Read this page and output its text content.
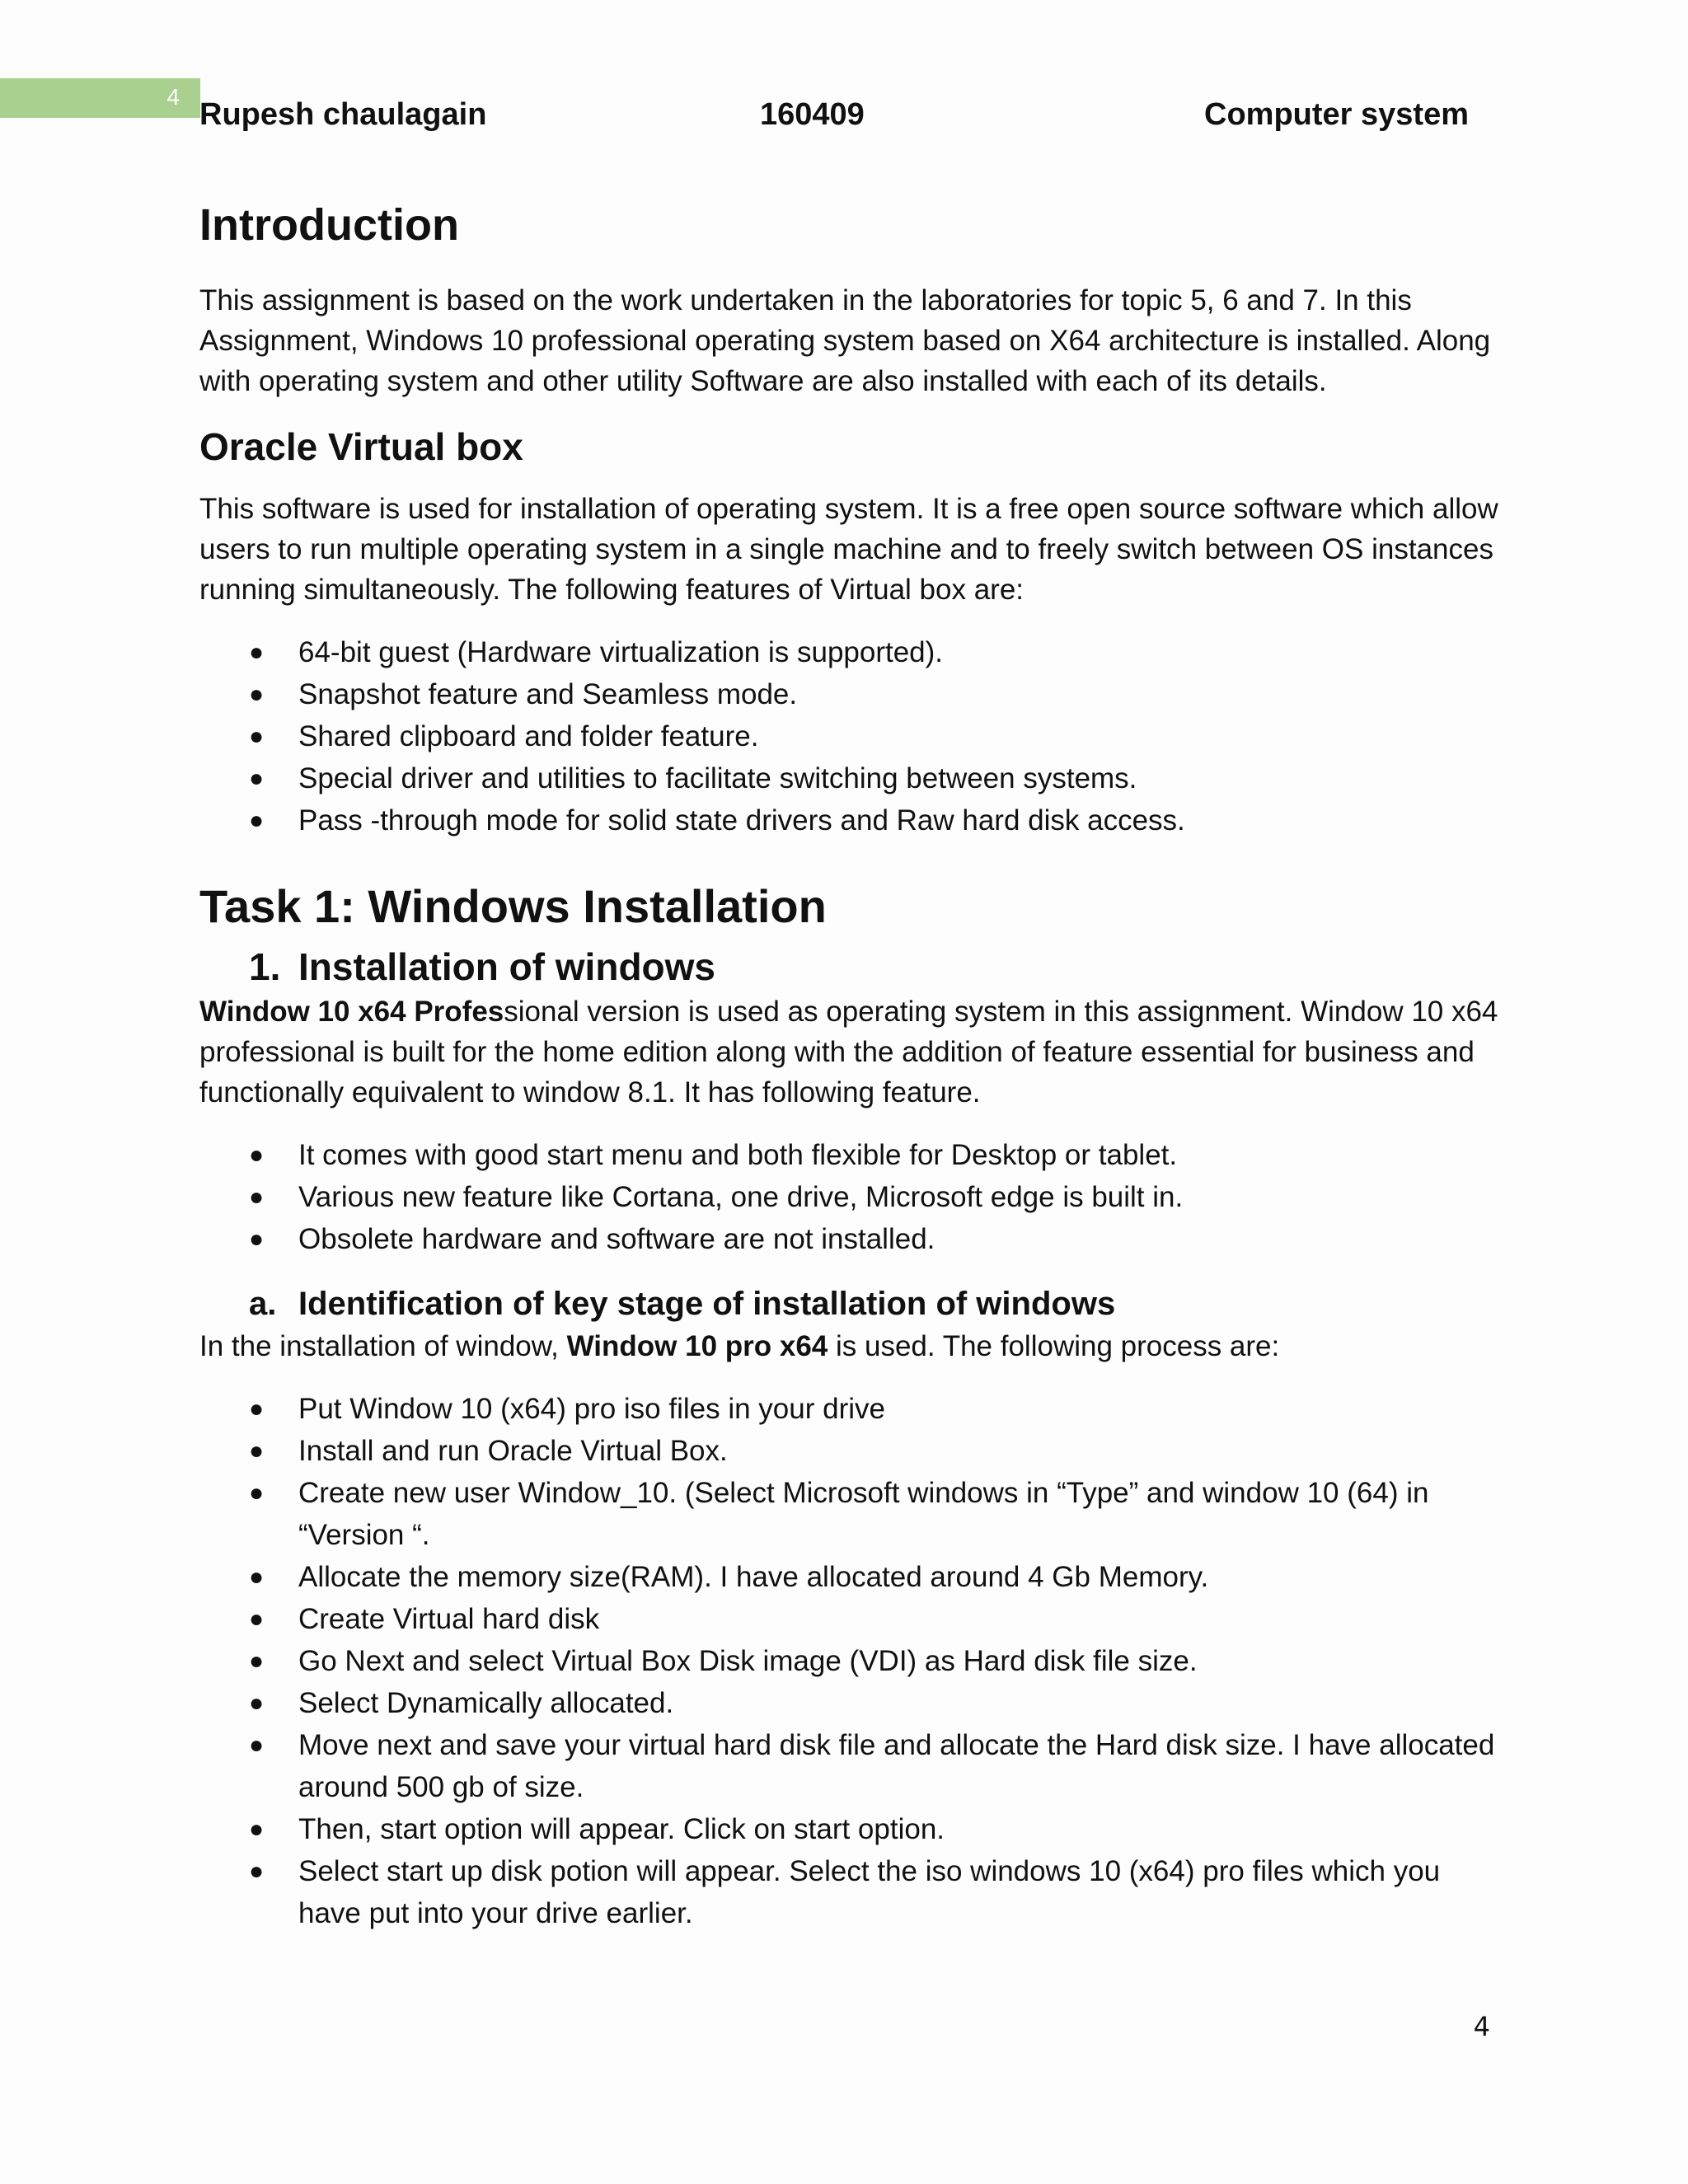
4
Rupesh chaulagain	160409	Computer system
Introduction

This assignment is based on the work undertaken in the laboratories for topic 5, 6 and 7. In this Assignment, Windows 10 professional operating system based on X64 architecture is installed. Along with operating system and other utility Software are also installed with each of its details.

Oracle Virtual box

This software is used for installation of operating system. It is a free open source software which allow users to run multiple operating system in a single machine and to freely switch between OS instances running simultaneously. The following features of Virtual box are:

● 64-bit guest (Hardware virtualization is supported).
● Snapshot feature and Seamless mode.
● Shared clipboard and folder feature.
● Special driver and utilities to facilitate switching between systems.
● Pass -through mode for solid state drivers and Raw hard disk access.
Task 1: Windows Installation
1. Installation of windows

Window 10 x64 Professional version is used as operating system in this assignment. Window 10 x64 professional is built for the home edition along with the addition of feature essential for business and functionally equivalent to window 8.1. It has following feature.

● It comes with good start menu and both flexible for Desktop or tablet.
● Various new feature like Cortana, one drive, Microsoft edge is built in.
● Obsolete hardware and software are not installed.
a. Identification of key stage of installation of windows

In the installation of window, Window 10 pro x64 is used. The following process are:

● Put Window 10 (x64) pro iso files in your drive
● Install and run Oracle Virtual Box.
● Create new user Window_10. (Select Microsoft windows in “Type” and window 10 (64) in “Version “.
● Allocate the memory size(RAM). I have allocated around 4 Gb Memory.
● Create Virtual hard disk
● Go Next and select Virtual Box Disk image (VDI) as Hard disk file size.
● Select Dynamically allocated.
● Move next and save your virtual hard disk file and allocate the Hard disk size. I have allocated around 500 gb of size.
● Then, start option will appear. Click on start option.
● Select start up disk potion will appear. Select the iso windows 10 (x64) pro files which you have put into your drive earlier.
4
